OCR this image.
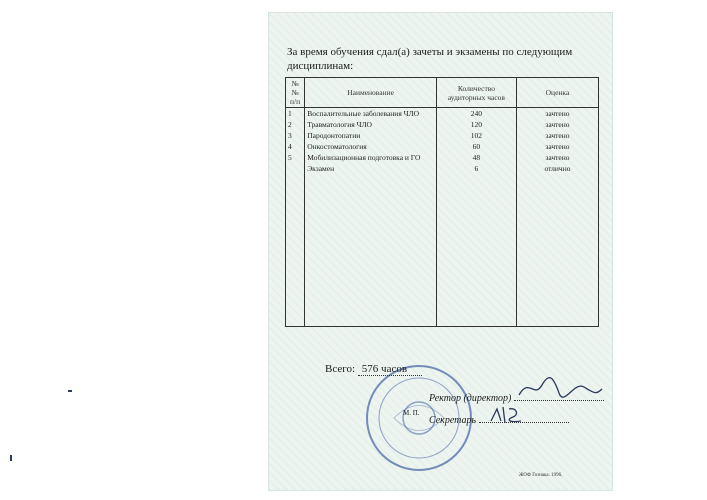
За время обучения сдал(а) зачеты и экзамены по следующим дисциплинам:
№№ п/п	Наименование	Количество аудиторных часов	Оценка
1	Воспалительные заболевания ЧЛО	240	зачтено
2	Травматология ЧЛО	120	зачтено
3	Пародонтопатии	102	зачтено
4	Онкостоматология	60	зачтено
5	Мобилизационная подготовка и ГО	48	зачтено
	Экзамен	6	отлично

Всего: 576 часов
Ректор (директор)
М. П.
Секретарь
ЖОФ Гознака. 1996.
